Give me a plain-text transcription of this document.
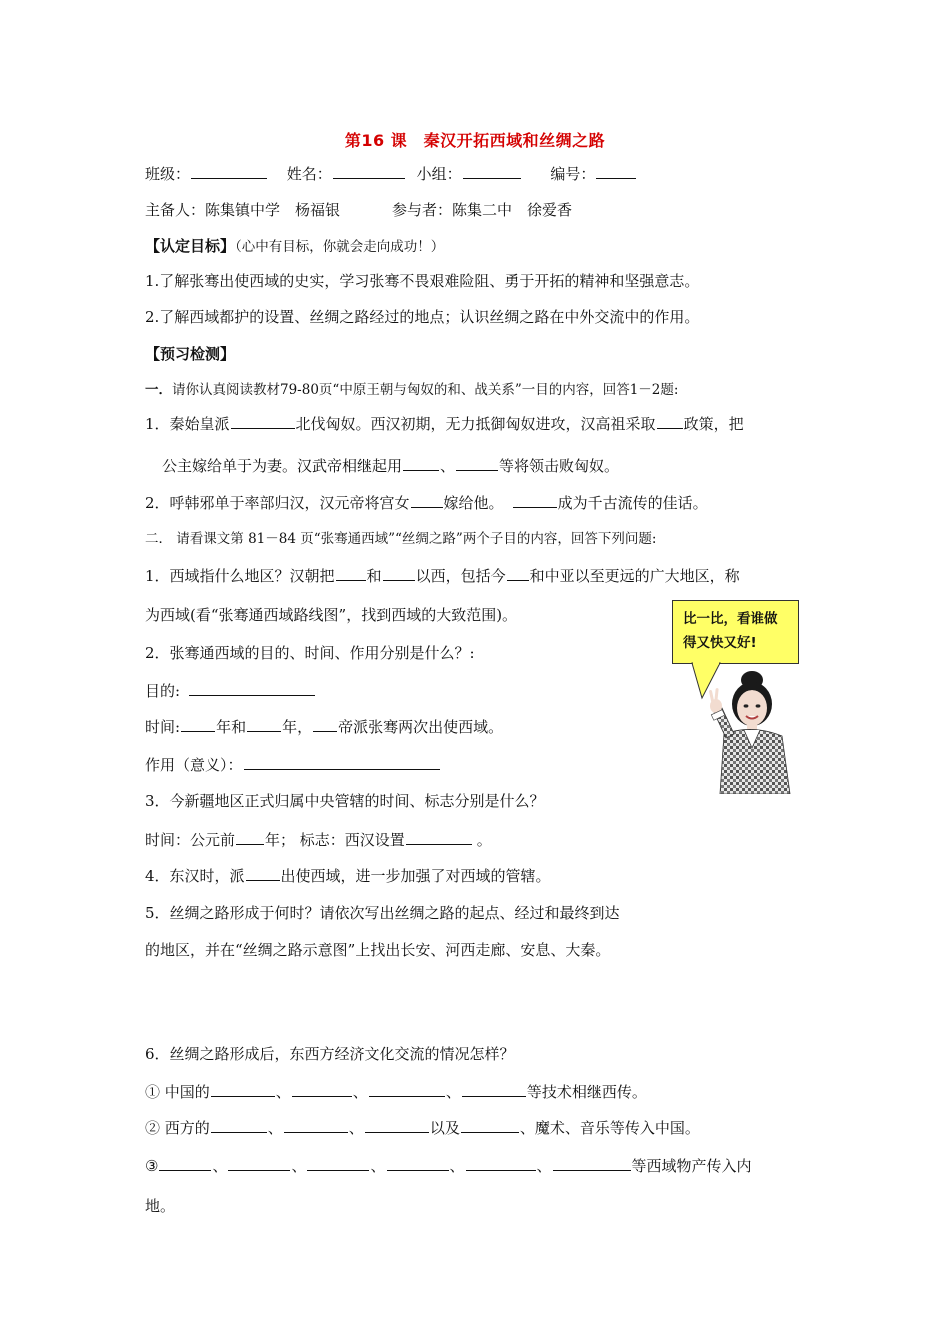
第16 课　秦汉开拓西域和丝绸之路
班级：	姓名：	小组：	编号：
主备人：陈集镇中学　杨福银	参与者：陈集二中　徐爱香
【认定目标】（心中有目标，你就会走向成功！）
1.了解张骞出使西域的史实，学习张骞不畏艰难险阻、勇于开拓的精神和坚强意志。
2.了解西域都护的设置、丝绸之路经过的地点；认识丝绸之路在中外交流中的作用。
【预习检测】
一．请你认真阅读教材79-80页“中原王朝与匈奴的和、战关系”一目的内容，回答1－2题:
1．秦始皇派	北伐匈奴。西汉初期，无力抵御匈奴进攻，汉高祖采取 政策，把
公主嫁给单于为妻。汉武帝相继起用	、	等将领击败匈奴。
2．呼韩邪单于率部归汉，汉元帝将宫女 嫁给他。	成为千古流传的佳话。
二． 请看课文第 81－84 页“张骞通西域”“丝绸之路”两个子目的内容，回答下列问题:
1．西域指什么地区？汉朝把 和 以西，包括今 和中亚以至更远的广大地区，称
为西域(看“张骞通西域路线图”，找到西域的大致范围)。
2．张骞通西域的目的、时间、作用分别是什么？:
目的:
时间: 年和 年， 帝派张骞两次出使西域。
作用（意义）：
3．今新疆地区正式归属中央管辖的时间、标志分别是什么？
时间：公元前 年； 标志：西汉设置	。
4．东汉时，派 出使西域，进一步加强了对西域的管辖。
5．丝绸之路形成于何时？请依次写出丝绸之路的起点、经过和最终到达
的地区，并在“丝绸之路示意图”上找出长安、河西走廊、安息、大秦。
6．丝绸之路形成后，东西方经济文化交流的情况怎样？
① 中国的	、	、	、	等技术相继西传。
② 西方的	、	、	以及	、魔术、音乐等传入中国。
③	、	、	、	、	、	等西域物产传入内
地。
比一比，看谁做
得又快又好!
